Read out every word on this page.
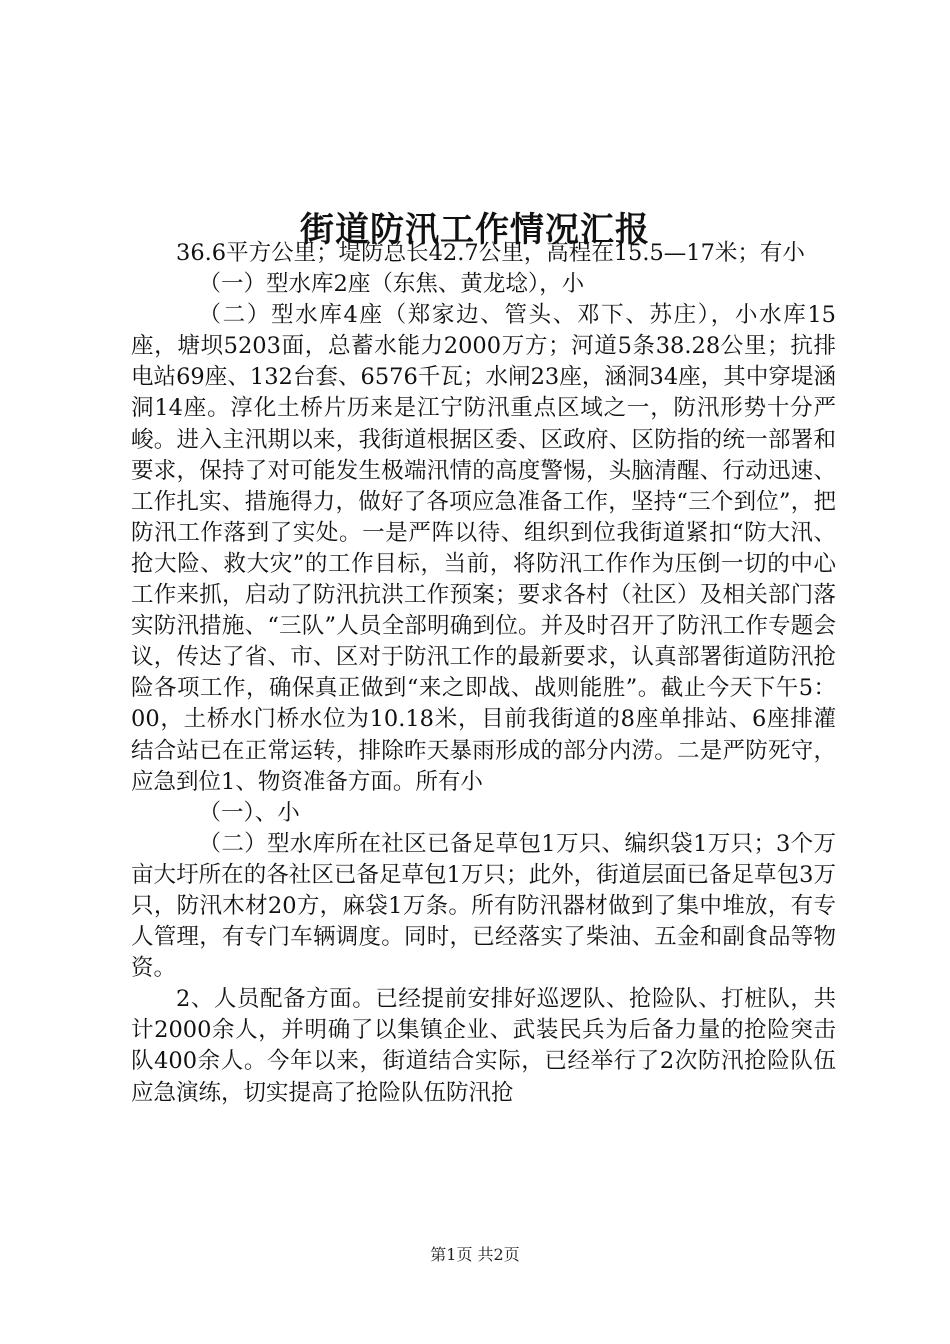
街道防汛工作情况汇报

36.6平方公里；堤防总长42.7公里，高程在15.5—17米；有小

（一）型水库2座（东焦、黄龙埝），小

（二）型水库4座（郑家边、管头、邓下、苏庄），小水库15座，塘坝5203面，总蓄水能力2000万方；河道5条38.28公里；抗排电站69座、132台套、6576千瓦；水闸23座，涵洞34座，其中穿堤涵洞14座。淳化土桥片历来是江宁防汛重点区域之一，防汛形势十分严峻。进入主汛期以来，我街道根据区委、区政府、区防指的统一部署和要求，保持了对可能发生极端汛情的高度警惕，头脑清醒、行动迅速、工作扎实、措施得力，做好了各项应急准备工作，坚持“三个到位”，把防汛工作落到了实处。一是严阵以待、组织到位我街道紧扣“防大汛、抢大险、救大灾”的工作目标，当前，将防汛工作作为压倒一切的中心工作来抓，启动了防汛抗洪工作预案；要求各村（社区）及相关部门落实防汛措施、“三队”人员全部明确到位。并及时召开了防汛工作专题会议，传达了省、市、区对于防汛工作的最新要求，认真部署街道防汛抢险各项工作，确保真正做到“来之即战、战则能胜”。截止今天下午5：00，土桥水门桥水位为10.18米，目前我街道的8座单排站、6座排灌结合站已在正常运转，排除昨天暴雨形成的部分内涝。二是严防死守，应急到位1、物资准备方面。所有小

（一）、小

（二）型水库所在社区已备足草包1万只、编织袋1万只；3个万亩大圩所在的各社区已备足草包1万只；此外，街道层面已备足草包3万只，防汛木材20方，麻袋1万条。所有防汛器材做到了集中堆放，有专人管理，有专门车辆调度。同时，已经落实了柴油、五金和副食品等物资。

2、人员配备方面。已经提前安排好巡逻队、抢险队、打桩队，共计2000余人，并明确了以集镇企业、武装民兵为后备力量的抢险突击队400余人。今年以来，街道结合实际，已经举行了2次防汛抢险队伍应急演练，切实提高了抢险队伍防汛抢

第1页 共2页
